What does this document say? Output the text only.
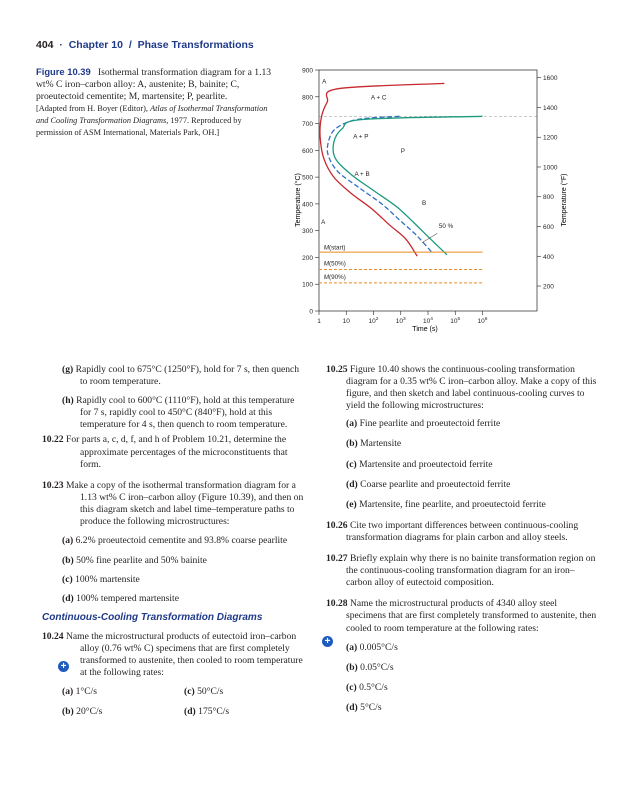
404 · Chapter 10 / Phase Transformations
Figure 10.39 Isothermal transformation diagram for a 1.13 wt% C iron–carbon alloy: A, austenite; B, bainite; C, proeutectoid cementite; M, martensite; P, pearlite.
[Adapted from H. Boyer (Editor), Atlas of Isothermal Transformation and Cooling Transformation Diagrams, 1977. Reproduced by permission of ASM International, Materials Park, OH.]
0
100
200
300
400
500
600
700
800
900
200
400
600
800
1000
1200
1400
1600
1	10	$10^2$	$10^3$	$10^4$	$10^5$	$10^6$
A
A + C
A + P
P
A + B
B
A
50 %
M(start)
M(50%)
M(90%)
Temperature (°C)	Temperature (°F)
Time (s)

(g) Rapidly cool to 675°C (1250°F), hold for 7 s, then quench to room temperature.

(h) Rapidly cool to 600°C (1110°F), hold at this temperature for 7 s, rapidly cool to 450°C (840°F), hold at this temperature for 4 s, then quench to room temperature.

10.22 For parts a, c, d, f, and h of Problem 10.21, determine the approximate percentages of the microconstituents that form.

10.23 Make a copy of the isothermal transformation diagram for a 1.13 wt% C iron–carbon alloy (Figure 10.39), and then on this diagram sketch and label time–temperature paths to produce the following microstructures:

(a) 6.2% proeutectoid cementite and 93.8% coarse pearlite

(b) 50% fine pearlite and 50% bainite

(c) 100% martensite

(d) 100% tempered martensite

Continuous-Cooling Transformation Diagrams

10.24 Name the microstructural products of eutectoid iron–carbon alloy (0.76 wt% C) specimens that are first completely transformed to austenite, then cooled to room temperature at the following rates:

(a) 1°C/s	(c) 50°C/s
(b) 20°C/s	(d) 175°C/s
+

10.25 Figure 10.40 shows the continuous-cooling transformation diagram for a 0.35 wt% C iron–carbon alloy. Make a copy of this figure, and then sketch and label continuous-cooling curves to yield the following microstructures:

(a) Fine pearlite and proeutectoid ferrite

(b) Martensite

(c) Martensite and proeutectoid ferrite

(d) Coarse pearlite and proeutectoid ferrite

(e) Martensite, fine pearlite, and proeutectoid ferrite

10.26 Cite two important differences between continuous-cooling transformation diagrams for plain carbon and alloy steels.

10.27 Briefly explain why there is no bainite transformation region on the continuous-cooling transformation diagram for an iron–carbon alloy of eutectoid composition.

10.28 Name the microstructural products of 4340 alloy steel specimens that are first completely transformed to austenite, then cooled to room temperature at the following rates:

(a) 0.005°C/s

(b) 0.05°C/s

(c) 0.5°C/s

(d) 5°C/s

+
